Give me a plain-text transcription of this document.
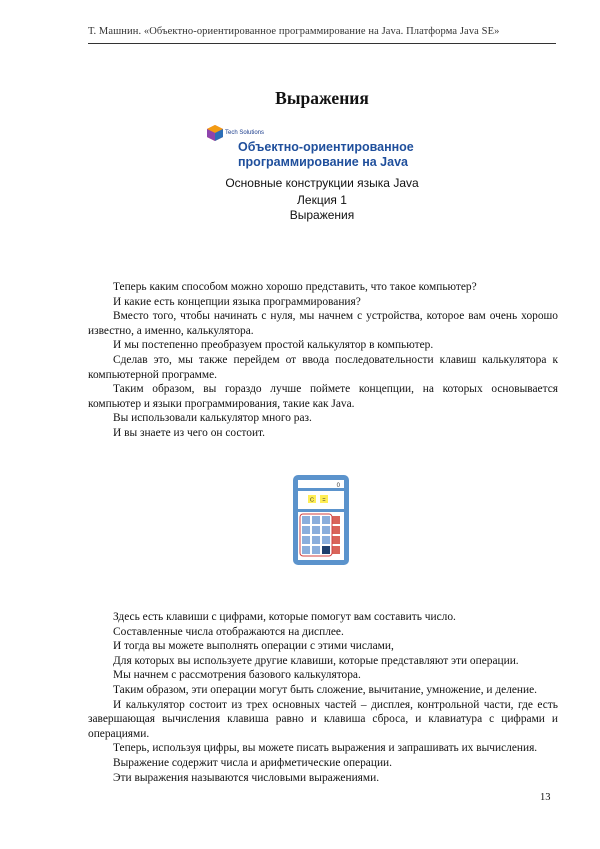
Т. Машнин. «Объектно-ориентированное программирование на Java. Платформа Java SE»
Выражения
Tech Solutions
Объектно-ориентированное
программирование на Java
Основные конструкции языка Java
Лекция 1
Выражения

Теперь каким способом можно хорошо представить, что такое компьютер?

И какие есть концепции языка программирования?

Вместо того, чтобы начинать с нуля, мы начнем с устройства, которое вам очень хорошо известно, а именно, калькулятора.

И мы постепенно преобразуем простой калькулятор в компьютер.

Сделав это, мы также перейдем от ввода последовательности клавиш калькулятора к компьютерной программе.

Таким образом, вы гораздо лучше поймете концепции, на которых основывается компьютер и языки программирования, такие как Java.

Вы использовали калькулятор много раз.

И вы знаете из чего он состоит.

0
C =

Здесь есть клавиши с цифрами, которые помогут вам составить число.

Составленные числа отображаются на дисплее.

И тогда вы можете выполнять операции с этими числами,

Для которых вы используете другие клавиши, которые представляют эти операции.

Мы начнем с рассмотрения базового калькулятора.

Таким образом, эти операции могут быть сложение, вычитание, умножение, и деление.

И калькулятор состоит из трех основных частей – дисплея, контрольной части, где есть завершающая вычисления клавиша равно и клавиша сброса, и клавиатура с цифрами и операциями.

Теперь, используя цифры, вы можете писать выражения и запрашивать их вычисления.

Выражение содержит числа и арифметические операции.

Эти выражения называются числовыми выражениями.

13
